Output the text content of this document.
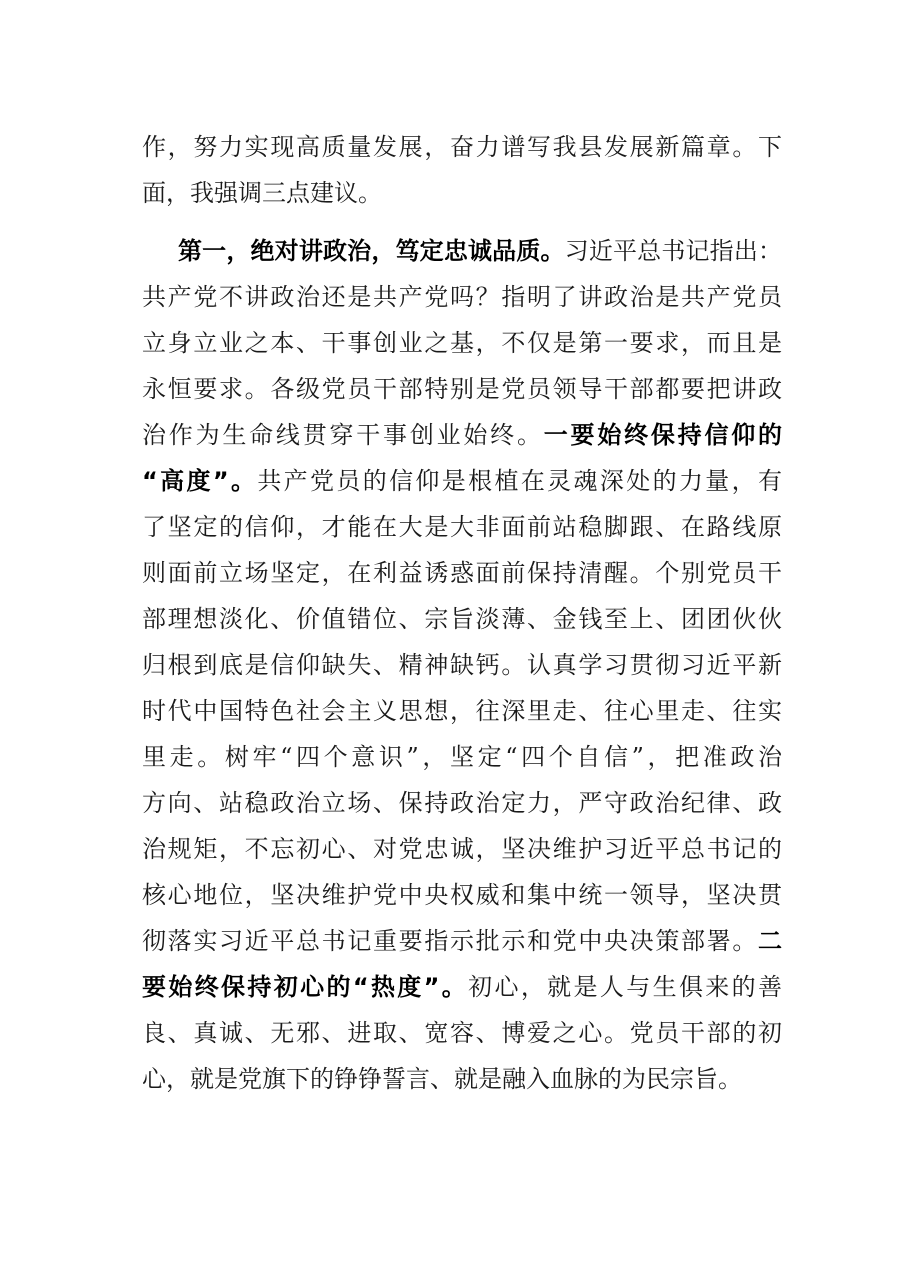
作，努力实现高质量发展，奋力谱写我县发展新篇章。下
面，我强调三点建议。
第一，绝对讲政治，笃定忠诚品质。习近平总书记指出：
共产党不讲政治还是共产党吗？指明了讲政治是共产党员
立身立业之本、干事创业之基，不仅是第一要求，而且是
永恒要求。各级党员干部特别是党员领导干部都要把讲政
治作为生命线贯穿干事创业始终。一要始终保持信仰的
“高度”。共产党员的信仰是根植在灵魂深处的力量，有
了坚定的信仰，才能在大是大非面前站稳脚跟、在路线原
则面前立场坚定，在利益诱惑面前保持清醒。个别党员干
部理想淡化、价值错位、宗旨淡薄、金钱至上、团团伙伙
归根到底是信仰缺失、精神缺钙。认真学习贯彻习近平新
时代中国特色社会主义思想，往深里走、往心里走、往实
里走。树牢“四个意识”，坚定“四个自信”，把准政治
方向、站稳政治立场、保持政治定力，严守政治纪律、政
治规矩，不忘初心、对党忠诚，坚决维护习近平总书记的
核心地位，坚决维护党中央权威和集中统一领导，坚决贯
彻落实习近平总书记重要指示批示和党中央决策部署。二
要始终保持初心的“热度”。初心，就是人与生俱来的善
良、真诚、无邪、进取、宽容、博爱之心。党员干部的初
心，就是党旗下的铮铮誓言、就是融入血脉的为民宗旨。
